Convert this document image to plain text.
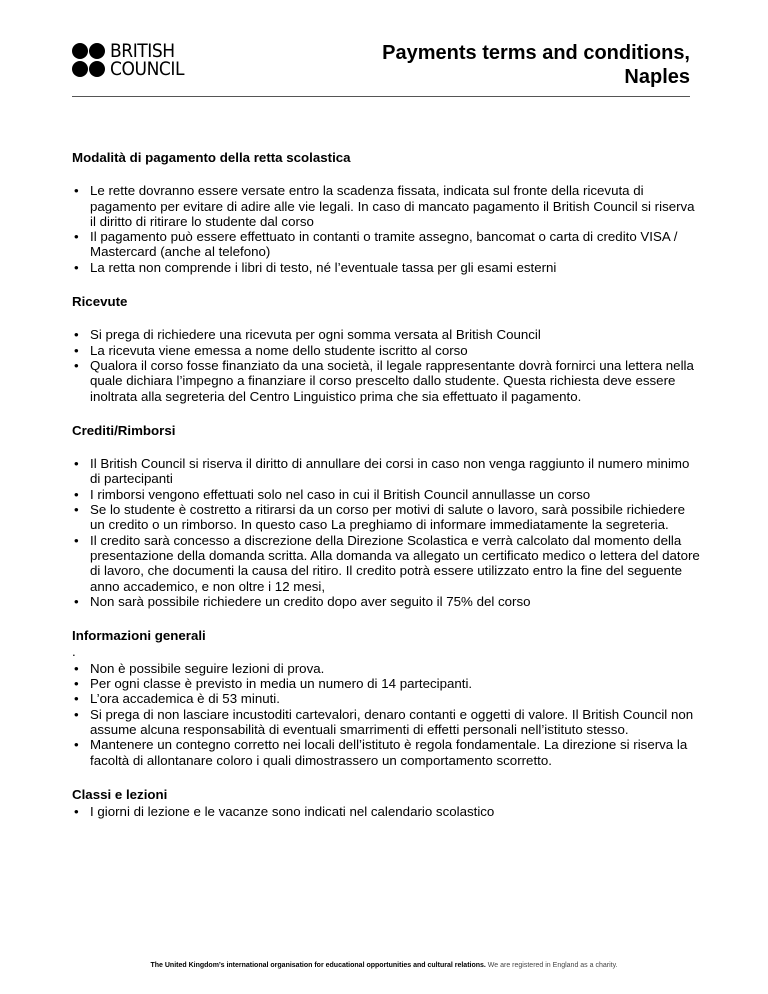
BRITISH
COUNCIL
Payments terms and conditions,
Naples
Modalità di pagamento della retta scolastica
• Le rette dovranno essere versate entro la scadenza fissata, indicata sul fronte della ricevuta di pagamento per evitare di adire alle vie legali. In caso di mancato pagamento il British Council si riserva il diritto di ritirare lo studente dal corso
• Il pagamento può essere effettuato in contanti o tramite assegno, bancomat o carta di credito VISA / Mastercard (anche al telefono)
• La retta non comprende i libri di testo, né l’eventuale tassa per gli esami esterni
Ricevute
• Si prega di richiedere una ricevuta per ogni somma versata al British Council
• La ricevuta viene emessa a nome dello studente iscritto al corso
• Qualora il corso fosse finanziato da una società, il legale rappresentante dovrà fornirci una lettera nella quale dichiara l’impegno a finanziare il corso prescelto dallo studente. Questa richiesta deve essere inoltrata alla segreteria del Centro Linguistico prima che sia effettuato il pagamento.
Crediti/Rimborsi
• Il British Council si riserva il diritto di annullare dei corsi in caso non venga raggiunto il numero minimo di partecipanti
• I rimborsi vengono effettuati solo nel caso in cui il British Council annullasse un corso
• Se lo studente è costretto a ritirarsi da un corso per motivi di salute o lavoro, sarà possibile richiedere un credito o un rimborso. In questo caso La preghiamo di informare immediatamente la segreteria.
• Il credito sarà concesso a discrezione della Direzione Scolastica e verrà calcolato dal momento della presentazione della domanda scritta. Alla domanda va allegato un certificato medico o lettera del datore di lavoro, che documenti la causa del ritiro. Il credito potrà essere utilizzato entro la fine del seguente anno accademico, e non oltre i 12 mesi,
• Non sarà possibile richiedere un credito dopo aver seguito il 75% del corso
Informazioni generali
.
• Non è possibile seguire lezioni di prova.
• Per ogni classe è previsto in media un numero di 14 partecipanti.
• L’ora accademica è di 53 minuti.
• Si prega di non lasciare incustoditi cartevalori, denaro contanti e oggetti di valore. Il British Council non assume alcuna responsabilità di eventuali smarrimenti di effetti personali nell’istituto stesso.
• Mantenere un contegno corretto nei locali dell’istituto è regola fondamentale. La direzione si riserva la facoltà di allontanare coloro i quali dimostrassero un comportamento scorretto.
Classi e lezioni
• I giorni di lezione e le vacanze sono indicati nel calendario scolastico
The United Kingdom’s international organisation for educational opportunities and cultural relations. We are registered in England as a charity.
